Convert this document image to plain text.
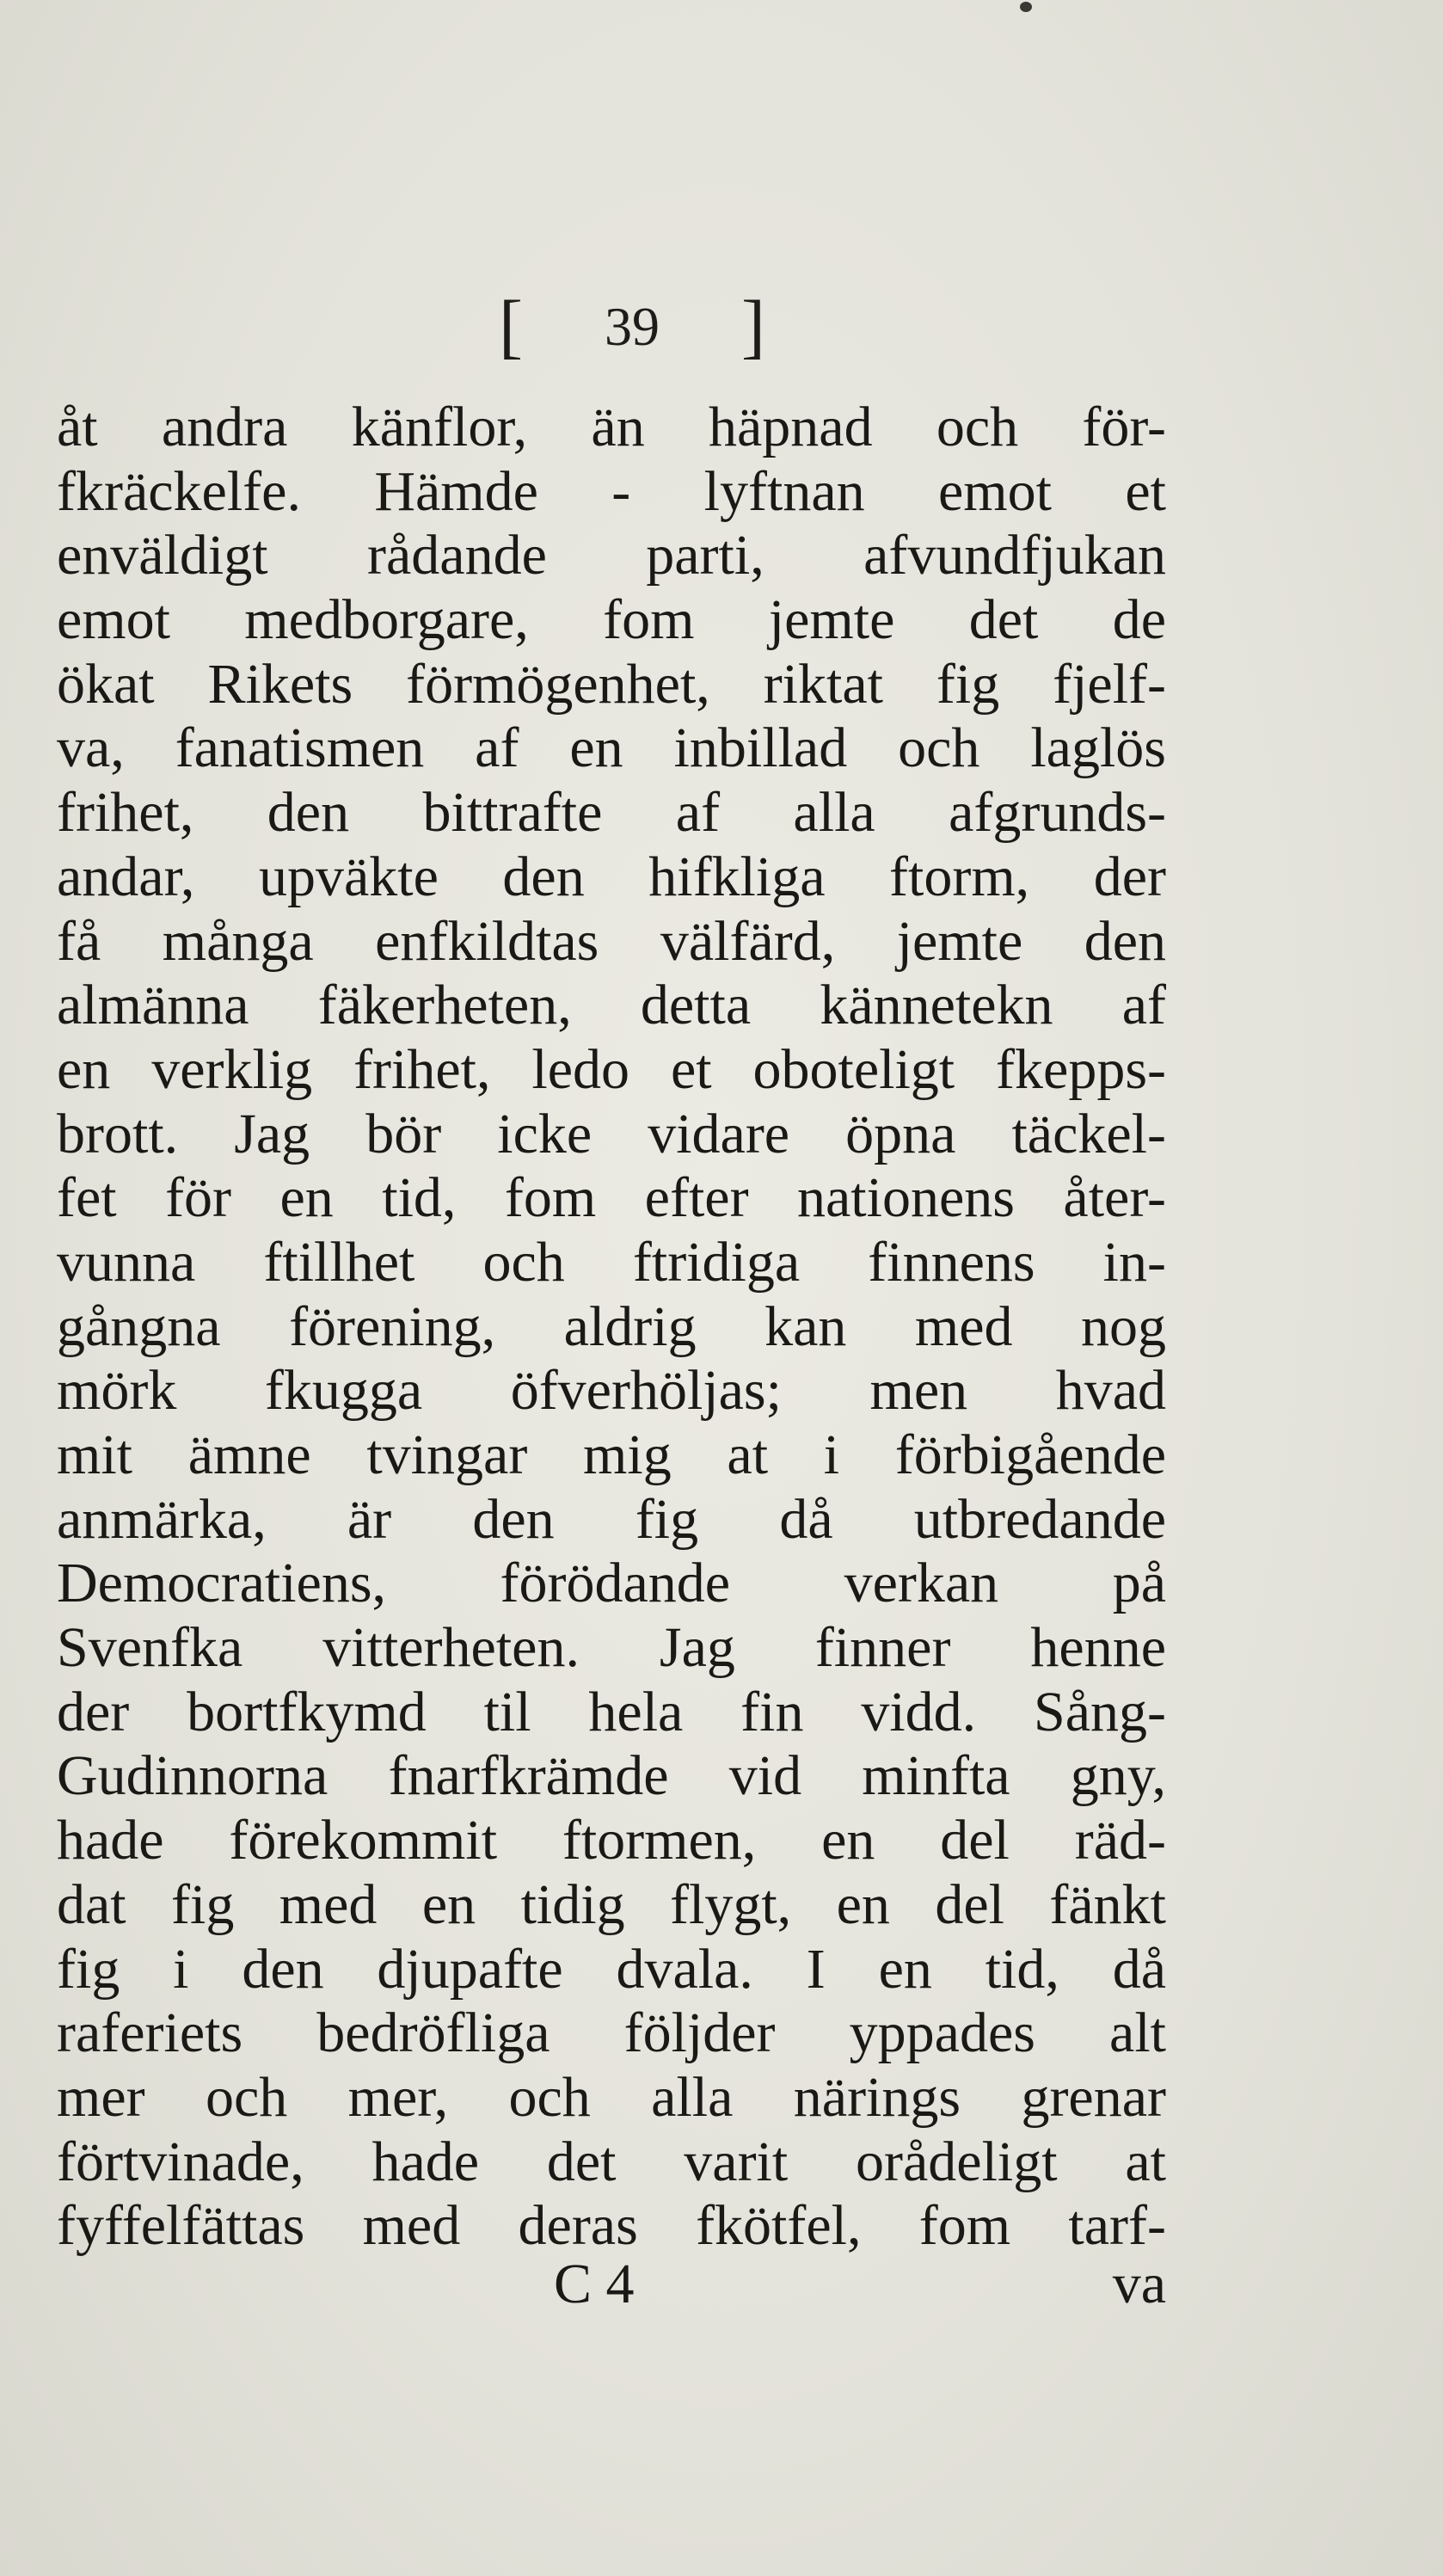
[ 39 ]
åt andra känflor, än häpnad och för-
fkräckelfe. Hämde - lyftnan emot et
enväldigt rådande parti, afvundfjukan
emot medborgare, fom jemte det de
ökat Rikets förmögenhet, riktat fig fjelf-
va, fanatismen af en inbillad och laglös
frihet, den bittrafte af alla afgrunds-
andar, upväkte den hifkliga ftorm, der
få många enfkildtas välfärd, jemte den
almänna fäkerheten, detta kännetekn af
en verklig frihet, ledo et oboteligt fkepps-
brott. Jag bör icke vidare öpna täckel-
fet för en tid, fom efter nationens åter-
vunna ftillhet och ftridiga finnens in-
gångna förening, aldrig kan med nog
mörk fkugga öfverhöljas; men hvad
mit ämne tvingar mig at i förbigående
anmärka, är den fig då utbredande
Democratiens, förödande verkan på
Svenfka vitterheten. Jag finner henne
der bortfkymd til hela fin vidd. Sång-
Gudinnorna fnarfkrämde vid minfta gny,
hade förekommit ftormen, en del räd-
dat fig med en tidig flygt, en del fänkt
fig i den djupafte dvala. I en tid, då
raferiets bedröfliga följder yppades alt
mer och mer, och alla närings grenar
förtvinade, hade det varit orådeligt at
fyffelfättas med deras fkötfel, fom tarf-
C 4	va
